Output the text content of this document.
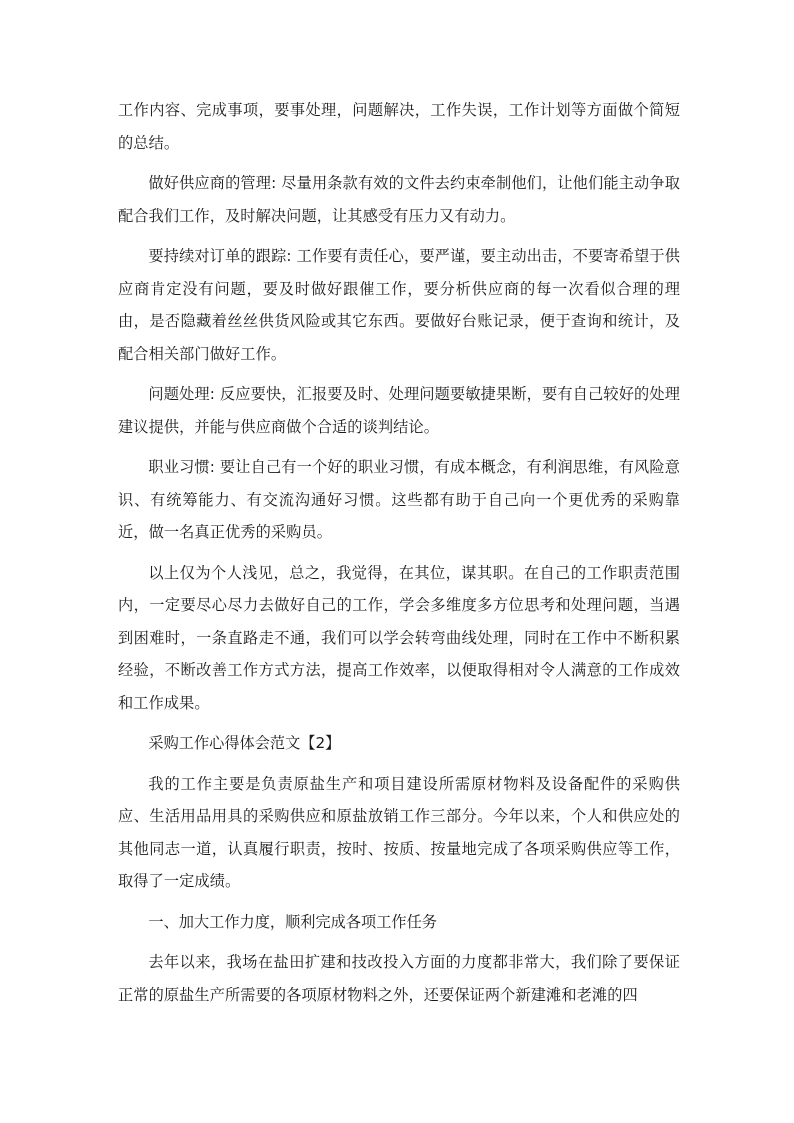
工作内容、完成事项，要事处理，问题解决，工作失误，工作计划等方面做个简短的总结。

做好供应商的管理: 尽量用条款有效的文件去约束牵制他们，让他们能主动争取配合我们工作，及时解决问题，让其感受有压力又有动力。

要持续对订单的跟踪: 工作要有责任心，要严谨，要主动出击，不要寄希望于供应商肯定没有问题，要及时做好跟催工作，要分析供应商的每一次看似合理的理由，是否隐藏着丝丝供货风险或其它东西。要做好台账记录，便于查询和统计，及配合相关部门做好工作。

问题处理: 反应要快，汇报要及时、处理问题要敏捷果断，要有自己较好的处理建议提供，并能与供应商做个合适的谈判结论。

职业习惯: 要让自己有一个好的职业习惯，有成本概念，有利润思维，有风险意识、有统筹能力、有交流沟通好习惯。这些都有助于自己向一个更优秀的采购靠近，做一名真正优秀的采购员。

以上仅为个人浅见，总之，我觉得，在其位，谋其职。在自己的工作职责范围内，一定要尽心尽力去做好自己的工作，学会多维度多方位思考和处理问题，当遇到困难时，一条直路走不通，我们可以学会转弯曲线处理，同时在工作中不断积累经验，不断改善工作方式方法，提高工作效率，以便取得相对令人满意的工作成效和工作成果。

采购工作心得体会范文【2】

我的工作主要是负责原盐生产和项目建设所需原材物料及设备配件的采购供应、生活用品用具的采购供应和原盐放销工作三部分。今年以来，个人和供应处的其他同志一道，认真履行职责，按时、按质、按量地完成了各项采购供应等工作，取得了一定成绩。

一、加大工作力度，顺利完成各项工作任务

去年以来，我场在盐田扩建和技改投入方面的力度都非常大，我们除了要保证正常的原盐生产所需要的各项原材物料之外，还要保证两个新建滩和老滩的四
